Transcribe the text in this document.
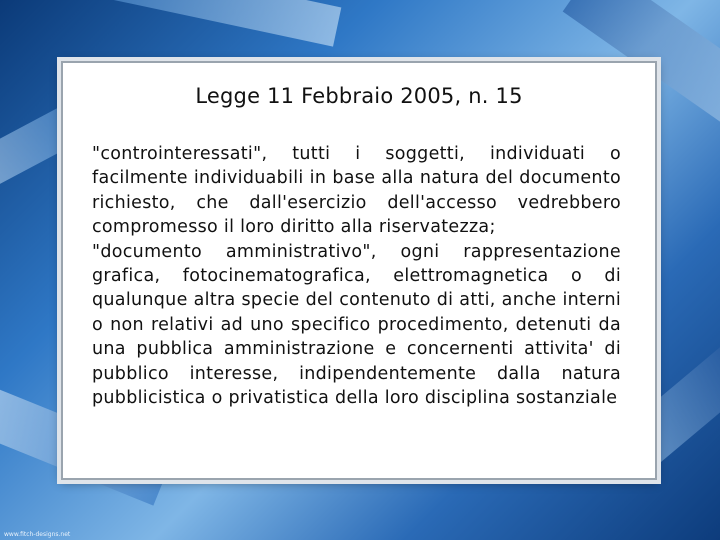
Legge 11 Febbraio 2005, n. 15

"controinteressati", tutti i soggetti, individuati o facilmente individuabili in base alla natura del documento richiesto, che dall'esercizio dell'accesso vedrebbero compromesso il loro diritto alla riservatezza;

"documento amministrativo", ogni rappresentazione grafica, fotocinematografica, elettromagnetica o di qualunque altra specie del contenuto di atti, anche interni o non relativi ad uno specifico procedimento, detenuti da una pubblica amministrazione e concernenti attivita' di pubblico interesse, indipendentemente dalla natura pubblicistica o privatistica della loro disciplina sostanziale

www.fitch-designs.net
